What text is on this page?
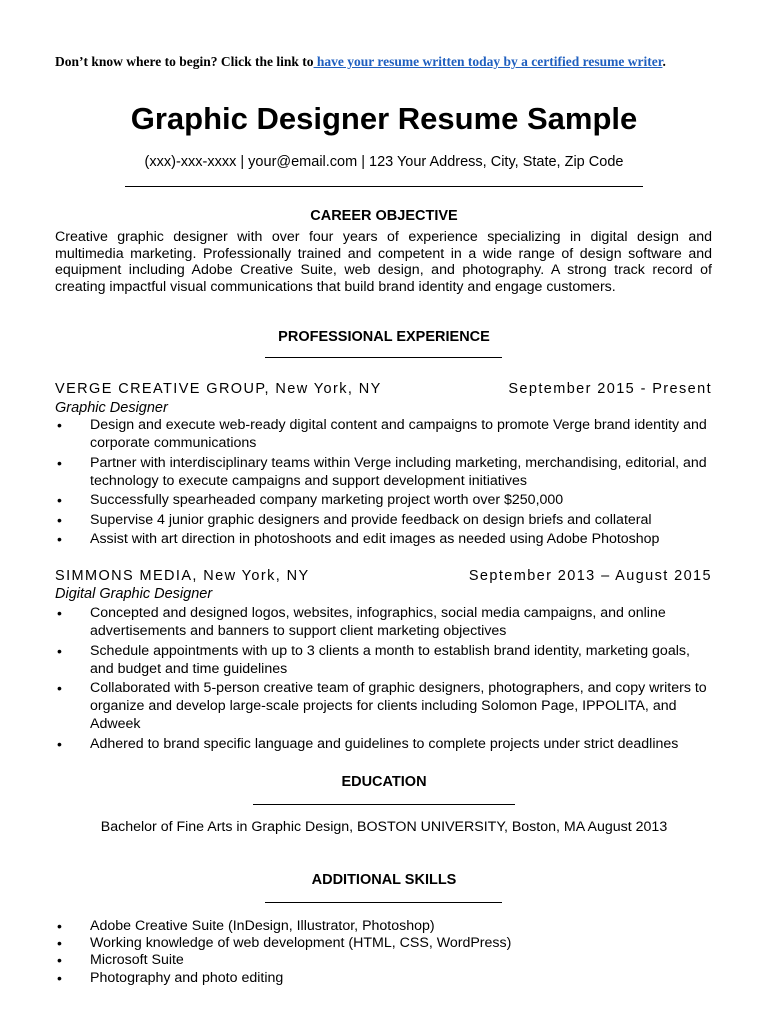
Don’t know where to begin? Click the link to have your resume written today by a certified resume writer.
Graphic Designer Resume Sample
(xxx)-xxx-xxxx | your@email.com | 123 Your Address, City, State, Zip Code
CAREER OBJECTIVE
Creative graphic designer with over four years of experience specializing in digital design and multimedia marketing. Professionally trained and competent in a wide range of design software and equipment including Adobe Creative Suite, web design, and photography. A strong track record of creating impactful visual communications that build brand identity and engage customers.
PROFESSIONAL EXPERIENCE
VERGE CREATIVE GROUP, New York, NY	September 2015 - Present
Graphic Designer
• Design and execute web-ready digital content and campaigns to promote Verge brand identity and corporate communications
• Partner with interdisciplinary teams within Verge including marketing, merchandising, editorial, and technology to execute campaigns and support development initiatives
• Successfully spearheaded company marketing project worth over $250,000
• Supervise 4 junior graphic designers and provide feedback on design briefs and collateral
• Assist with art direction in photoshoots and edit images as needed using Adobe Photoshop
SIMMONS MEDIA, New York, NY	September 2013 – August 2015
Digital Graphic Designer
• Concepted and designed logos, websites, infographics, social media campaigns, and online advertisements and banners to support client marketing objectives
• Schedule appointments with up to 3 clients a month to establish brand identity, marketing goals, and budget and time guidelines
• Collaborated with 5-person creative team of graphic designers, photographers, and copy writers to organize and develop large-scale projects for clients including Solomon Page, IPPOLITA, and Adweek
• Adhered to brand specific language and guidelines to complete projects under strict deadlines
EDUCATION
Bachelor of Fine Arts in Graphic Design, BOSTON UNIVERSITY, Boston, MA August 2013
ADDITIONAL SKILLS
• Adobe Creative Suite (InDesign, Illustrator, Photoshop)
• Working knowledge of web development (HTML, CSS, WordPress)
• Microsoft Suite
• Photography and photo editing
